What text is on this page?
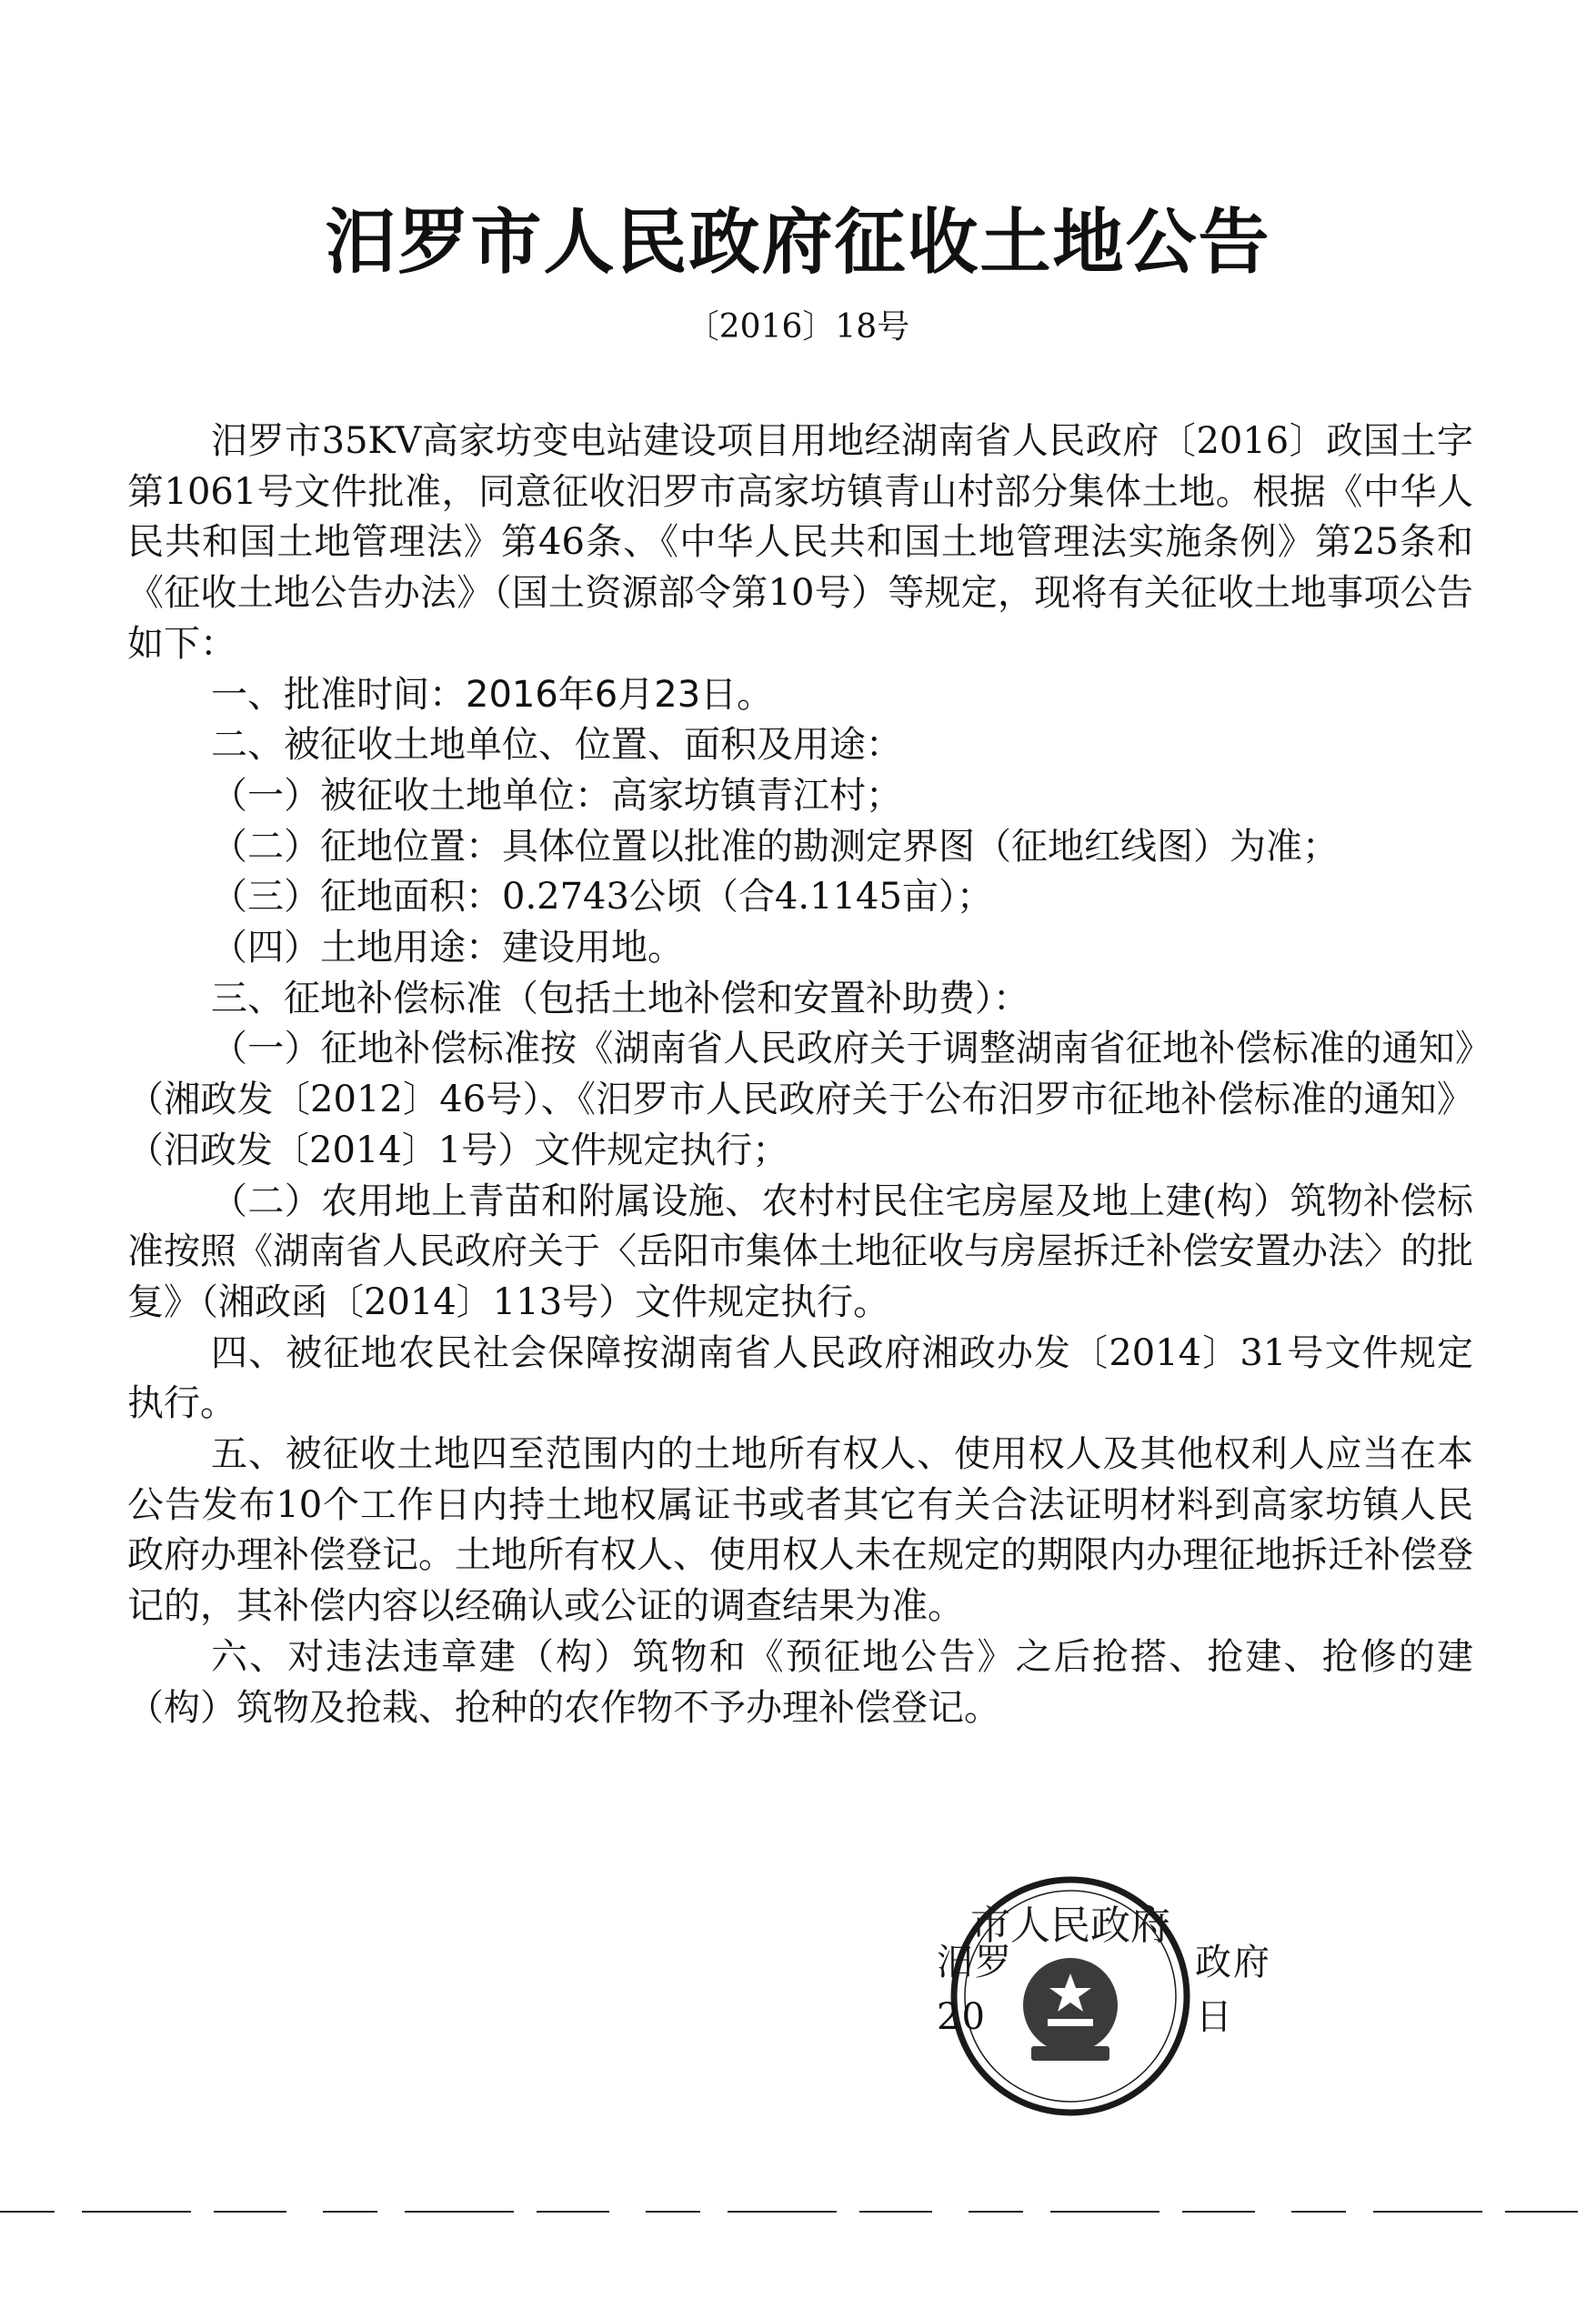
汨罗市人民政府征收土地公告
〔2016〕18号

汨罗市35KV高家坊变电站建设项目用地经湖南省人民政府〔2016〕政国土字第1061号文件批准，同意征收汨罗市高家坊镇青山村部分集体土地。根据《中华人民共和国土地管理法》第46条、《中华人民共和国土地管理法实施条例》第25条和《征收土地公告办法》（国土资源部令第10号）等规定，现将有关征收土地事项公告如下：

一、批准时间：2016年6月23日。

二、被征收土地单位、位置、面积及用途：

（一）被征收土地单位：高家坊镇青江村；

（二）征地位置：具体位置以批准的勘测定界图（征地红线图）为准；

（三）征地面积：0.2743公顷（合4.1145亩）；

（四）土地用途：建设用地。

三、征地补偿标准（包括土地补偿和安置补助费）：

（一）征地补偿标准按《湖南省人民政府关于调整湖南省征地补偿标准的通知》（湘政发〔2012〕46号）、《汨罗市人民政府关于公布汨罗市征地补偿标准的通知》（汨政发〔2014〕1号）文件规定执行；

（二）农用地上青苗和附属设施、农村村民住宅房屋及地上建(构）筑物补偿标准按照《湖南省人民政府关于〈岳阳市集体土地征收与房屋拆迁补偿安置办法〉的批复》（湘政函〔2014〕113号）文件规定执行。

四、被征地农民社会保障按湖南省人民政府湘政办发〔2014〕31号文件规定执行。

五、被征收土地四至范围内的土地所有权人、使用权人及其他权利人应当在本公告发布10个工作日内持土地权属证书或者其它有关合法证明材料到高家坊镇人民政府办理补偿登记。土地所有权人、使用权人未在规定的期限内办理征地拆迁补偿登记的，其补偿内容以经确认或公证的调查结果为准。

六、对违法违章建（构）筑物和《预征地公告》之后抢搭、抢建、抢修的建（构）筑物及抢栽、抢种的农作物不予办理补偿登记。

市人民政府
汨罗	政府
20	日
